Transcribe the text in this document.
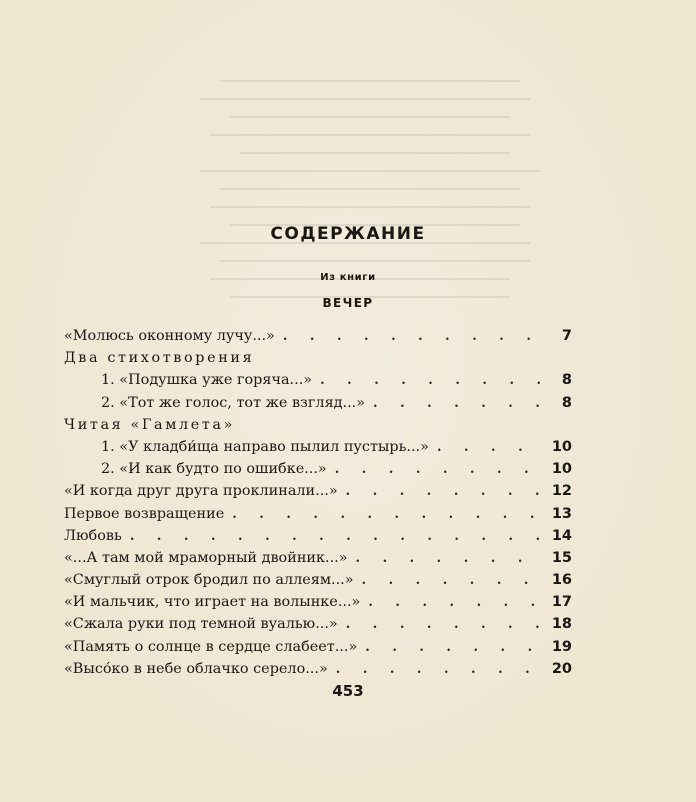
СОДЕРЖАНИЕ
Из книги
ВЕЧЕР
«Молюсь оконному лучу...» . . .	7
Два стихотворения
1. «Подушка уже горяча...» . . .	8
2. «Тот же голос, тот же взгляд...» . . .	8
Читая «Гамлета»
1. «У кладби́ща направо пылил пустырь...» . . .	10
2. «И как будто по ошибке...» . . .	10
«И когда друг друга проклинали...» . . .	12
Первое возвращение . . .	13
Любовь . . .	14
«...А там мой мраморный двойник...» . . .	15
«Смуглый отрок бродил по аллеям...» . . .	16
«И мальчик, что играет на волынке...» . . .	17
«Сжала руки под темной вуалью...» . . .	18
«Память о солнце в сердце слабеет...» . . .	19
«Высо́ко в небе облачко серело...» . . .	20
453
